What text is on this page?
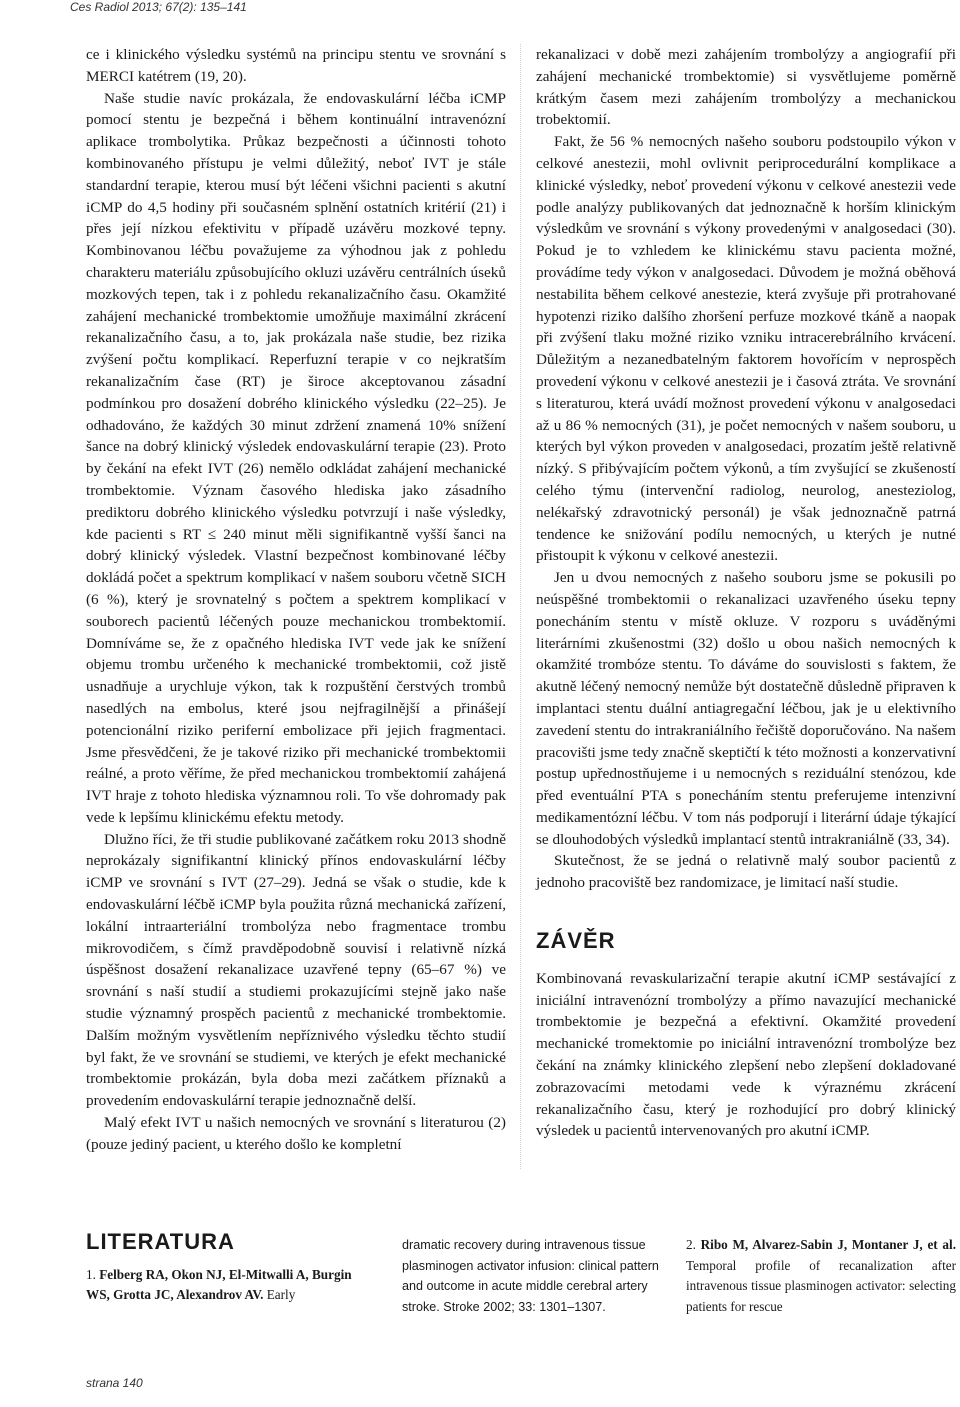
Ces Radiol 2013; 67(2): 135–141

ce i klinického výsledku systémů na principu stentu ve srovnání s MERCI katétrem (19, 20).

Naše studie navíc prokázala, že endovaskulární léčba iCMP pomocí stentu je bezpečná i během kontinuální intravenózní aplikace trombolytika. Průkaz bezpečnosti a účinnosti tohoto kombinovaného přístupu je velmi důležitý, neboť IVT je stále standardní terapie, kterou musí být léčeni všichni pacienti s akutní iCMP do 4,5 hodiny při současném splnění ostatních kritérií (21) i přes její nízkou efektivitu v případě uzávěru mozkové tepny. Kombinovanou léčbu považujeme za výhodnou jak z pohledu charakteru materiálu způsobujícího okluzi uzávěru centrálních úseků mozkových tepen, tak i z pohledu rekanalizačního času. Okamžité zahájení mechanické trombektomie umožňuje maximální zkrácení rekanalizačního času, a to, jak prokázala naše studie, bez rizika zvýšení počtu komplikací. Reperfuzní terapie v co nejkratším rekanalizačním čase (RT) je široce akceptovanou zásadní podmínkou pro dosažení dobrého klinického výsledku (22–25). Je odhadováno, že každých 30 minut zdržení znamená 10% snížení šance na dobrý klinický výsledek endovaskulární terapie (23). Proto by čekání na efekt IVT (26) nemělo odkládat zahájení mechanické trombektomie. Význam časového hlediska jako zásadního prediktoru dobrého klinického výsledku potvrzují i naše výsledky, kde pacienti s RT ≤ 240 minut měli signifikantně vyšší šanci na dobrý klinický výsledek. Vlastní bezpečnost kombinované léčby dokládá počet a spektrum komplikací v našem souboru včetně SICH (6 %), který je srovnatelný s počtem a spektrem komplikací v souborech pacientů léčených pouze mechanickou trombektomií. Domníváme se, že z opačného hlediska IVT vede jak ke snížení objemu trombu určeného k mechanické trombektomii, což jistě usnadňuje a urychluje výkon, tak k rozpuštění čerstvých trombů nasedlých na embolus, které jsou nejfragilnější a přinášejí potencionální riziko periferní embolizace při jejich fragmentaci. Jsme přesvědčeni, že je takové riziko při mechanické trombektomii reálné, a proto věříme, že před mechanickou trombektomií zahájená IVT hraje z tohoto hlediska významnou roli. To vše dohromady pak vede k lepšímu klinickému efektu metody.

Dlužno říci, že tři studie publikované začátkem roku 2013 shodně neprokázaly signifikantní klinický přínos endovaskulární léčby iCMP ve srovnání s IVT (27–29). Jedná se však o studie, kde k endovaskulární léčbě iCMP byla použita různá mechanická zařízení, lokální intraarteriální trombolýza nebo fragmentace trombu mikrovodičem, s čímž pravděpodobně souvisí i relativně nízká úspěšnost dosažení rekanalizace uzavřené tepny (65–67 %) ve srovnání s naší studií a studiemi prokazujícími stejně jako naše studie významný prospěch pacientů z mechanické trombektomie. Dalším možným vysvětlením nepříznivého výsledku těchto studií byl fakt, že ve srovnání se studiemi, ve kterých je efekt mechanické trombektomie prokázán, byla doba mezi začátkem příznaků a provedením endovaskulární terapie jednoznačně delší.

Malý efekt IVT u našich nemocných ve srovnání s literaturou (2) (pouze jediný pacient, u kterého došlo ke kompletní

rekanalizaci v době mezi zahájením trombolýzy a angiografií při zahájení mechanické trombektomie) si vysvětlujeme poměrně krátkým časem mezi zahájením trombolýzy a mechanickou trobektomií.

Fakt, že 56 % nemocných našeho souboru podstoupilo výkon v celkové anestezii, mohl ovlivnit periprocedurální komplikace a klinické výsledky, neboť provedení výkonu v celkové anestezii vede podle analýzy publikovaných dat jednoznačně k horším klinickým výsledkům ve srovnání s výkony provedenými v analgosedaci (30). Pokud je to vzhledem ke klinickému stavu pacienta možné, provádíme tedy výkon v analgosedaci. Důvodem je možná oběhová nestabilita během celkové anestezie, která zvyšuje při protrahované hypotenzi riziko dalšího zhoršení perfuze mozkové tkáně a naopak při zvýšení tlaku možné riziko vzniku intracerebrálního krvácení. Důležitým a nezanedbatelným faktorem hovořícím v neprospěch provedení výkonu v celkové anestezii je i časová ztráta. Ve srovnání s literaturou, která uvádí možnost provedení výkonu v analgosedaci až u 86 % nemocných (31), je počet nemocných v našem souboru, u kterých byl výkon proveden v analgosedaci, prozatím ještě relativně nízký. S přibývajícím počtem výkonů, a tím zvyšující se zkušeností celého týmu (intervenční radiolog, neurolog, anesteziolog, nelékařský zdravotnický personál) je však jednoznačně patrná tendence ke snižování podílu nemocných, u kterých je nutné přistoupit k výkonu v celkové anestezii.

Jen u dvou nemocných z našeho souboru jsme se pokusili po neúspěšné trombektomii o rekanalizaci uzavřeného úseku tepny ponecháním stentu v místě okluze. V rozporu s uváděnými literárními zkušenostmi (32) došlo u obou našich nemocných k okamžité trombóze stentu. To dáváme do souvislosti s faktem, že akutně léčený nemocný nemůže být dostatečně důsledně připraven k implantaci stentu duální antiagregační léčbou, jak je u elektivního zavedení stentu do intrakraniálního řečiště doporučováno. Na našem pracovišti jsme tedy značně skeptičtí k této možnosti a konzervativní postup upřednostňujeme i u nemocných s reziduální stenózou, kde před eventuální PTA s ponecháním stentu preferujeme intenzivní medikamentózní léčbu. V tom nás podporují i literární údaje týkající se dlouhodobých výsledků implantací stentů intrakraniálně (33, 34).

Skutečnost, že se jedná o relativně malý soubor pacientů z jednoho pracoviště bez randomizace, je limitací naší studie.

ZÁVĚR

Kombinovaná revaskularizační terapie akutní iCMP sestávající z iniciální intravenózní trombolýzy a přímo navazující mechanické trombektomie je bezpečná a efektivní. Okamžité provedení mechanické tromektomie po iniciální intravenózní trombolýze bez čekání na známky klinického zlepšení nebo zlepšení dokladované zobrazovacími metodami vede k výraznému zkrácení rekanalizačního času, který je rozhodující pro dobrý klinický výsledek u pacientů intervenovaných pro akutní iCMP.

LITERATURA
1. Felberg RA, Okon NJ, El-Mitwalli A, Burgin WS, Grotta JC, Alexandrov AV. Early
dramatic recovery during intravenous tissue plasminogen activator infusion: clinical pattern and outcome in acute middle cerebral artery stroke. Stroke 2002; 33: 1301–1307.
2. Ribo M, Alvarez-Sabin J, Montaner J, et al. Temporal profile of recanalization after intravenous tissue plasminogen activator: selecting patients for rescue
strana 140
